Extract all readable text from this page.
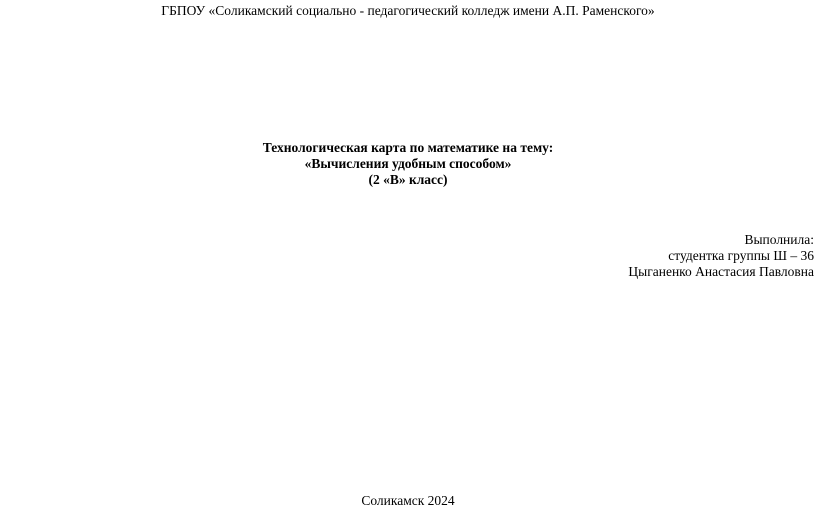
ГБПОУ «Соликамский социально - педагогический колледж имени А.П. Раменского»
Технологическая карта по математике на тему:
«Вычисления удобным способом»
(2 «В» класс)
Выполнила:
студентка группы Ш – 36
Цыганенко Анастасия Павловна
Соликамск 2024
